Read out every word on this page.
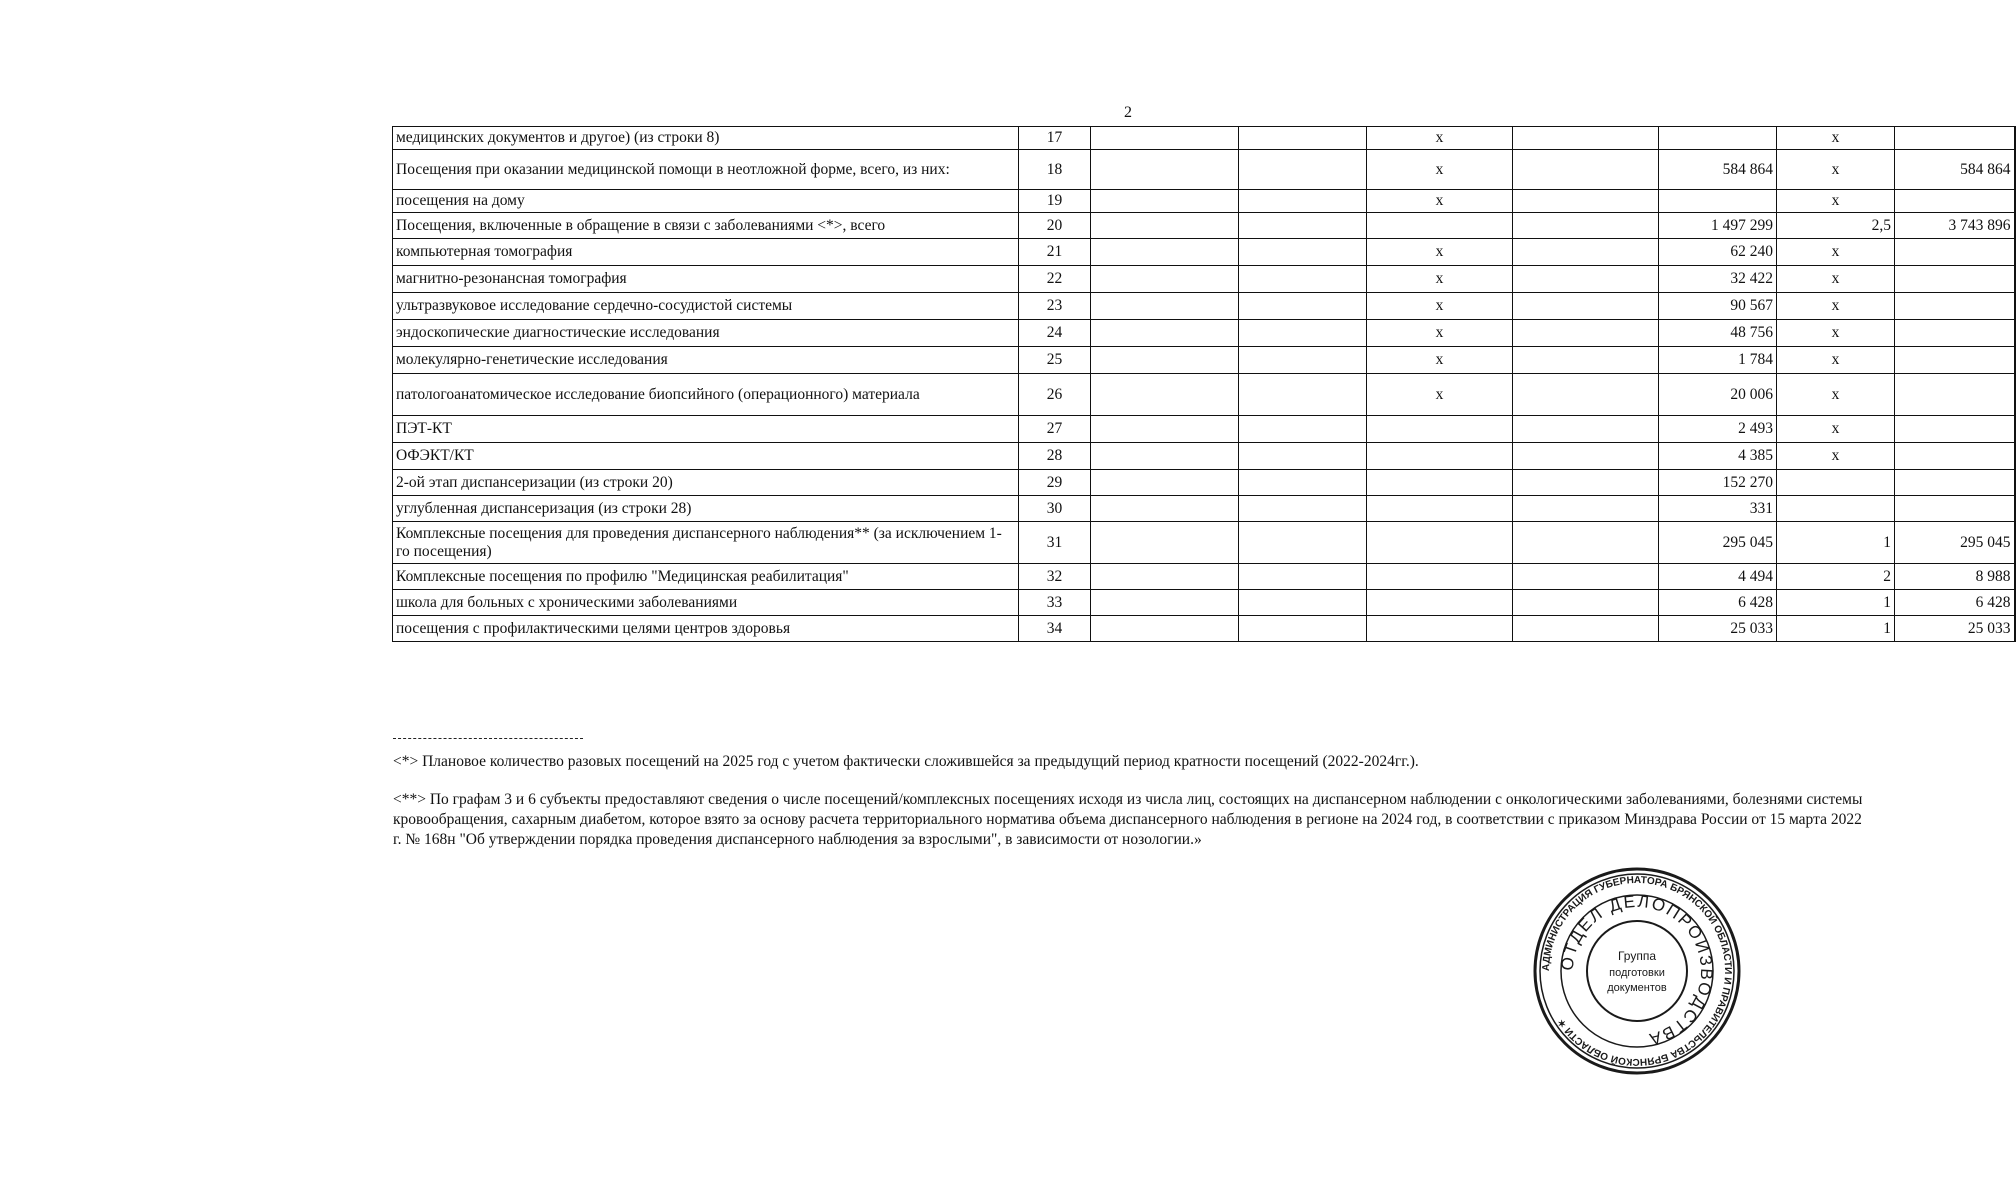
2
медицинских документов и другое) (из строки 8)	17			х			х	
Посещения при оказании медицинской помощи в неотложной форме, всего, из них:	18			х		584 864	х	584 864
посещения на дому	19			х			х	
Посещения, включенные в обращение в связи с заболеваниями <*>, всего	20					1 497 299	2,5	3 743 896
компьютерная томография	21			х		62 240	х	
магнитно-резонансная томография	22			х		32 422	х	
ультразвуковое исследование сердечно-сосудистой системы	23			х		90 567	х	
эндоскопические диагностические исследования	24			х		48 756	х	
молекулярно-генетические исследования	25			х		1 784	х	
патологоанатомическое исследование биопсийного (операционного) материала	26			х		20 006	х	
ПЭТ-КТ	27					2 493	х	
ОФЭКТ/КТ	28					4 385	х	
2-ой этап диспансеризации (из строки 20)	29					152 270		
углубленная диспансеризация (из строки 28)	30					331		
Комплексные посещения для проведения диспансерного наблюдения** (за исключением 1-го посещения)	31					295 045	1	295 045
Комплексные посещения по профилю "Медицинская реабилитация"	32					4 494	2	8 988
школа для больных с хроническими заболеваниями	33					6 428	1	6 428
посещения с профилактическими целями центров здоровья	34					25 033	1	25 033
<*> Плановое количество разовых посещений на 2025 год с учетом фактически сложившейся за предыдущий период кратности посещений (2022-2024гг.).
<**> По графам 3 и 6 субъекты предоставляют сведения о числе посещений/комплексных посещениях исходя из числа лиц, состоящих на диспансерном наблюдении с онкологическими заболеваниями, болезнями системы кровообращения, сахарным диабетом, которое взято за основу расчета территориального норматива объема диспансерного наблюдения в регионе на 2024 год, в соответствии с приказом Минздрава России от 15 марта 2022 г. № 168н "Об утверждении порядка проведения диспансерного наблюдения за взрослыми", в зависимости от нозологии.»
АДМИНИСТРАЦИЯ ГУБЕРНАТОРА БРЯНСКОЙ ОБЛАСТИ И ПРАВИТЕЛЬСТВА БРЯНСКОЙ ОБЛАСТИ ✶
ОТДЕЛ ДЕЛОПРОИЗВОДСТВА
Группа
подготовки
документов
